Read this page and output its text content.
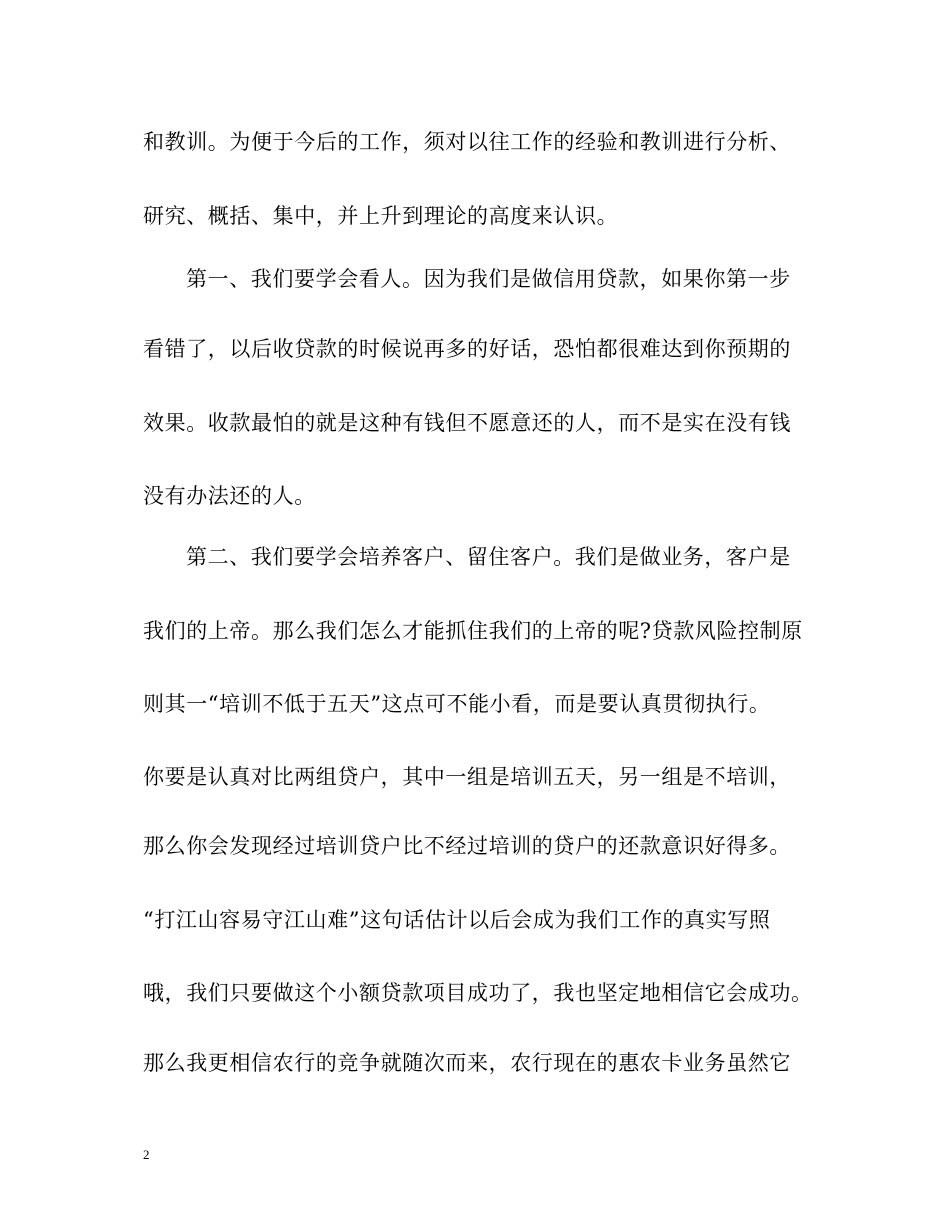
和教训。为便于今后的工作，须对以往工作的经验和教训进行分析、
研究、概括、集中，并上升到理论的高度来认识。
第一、我们要学会看人。因为我们是做信用贷款，如果你第一步
看错了，以后收贷款的时候说再多的好话，恐怕都很难达到你预期的
效果。收款最怕的就是这种有钱但不愿意还的人，而不是实在没有钱
没有办法还的人。
第二、我们要学会培养客户、留住客户。我们是做业务，客户是
我们的上帝。那么我们怎么才能抓住我们的上帝的呢?贷款风险控制原
则其一“培训不低于五天”这点可不能小看，而是要认真贯彻执行。
你要是认真对比两组贷户，其中一组是培训五天，另一组是不培训，
那么你会发现经过培训贷户比不经过培训的贷户的还款意识好得多。
“打江山容易守江山难”这句话估计以后会成为我们工作的真实写照
哦，我们只要做这个小额贷款项目成功了，我也坚定地相信它会成功。
那么我更相信农行的竞争就随次而来，农行现在的惠农卡业务虽然它
2
